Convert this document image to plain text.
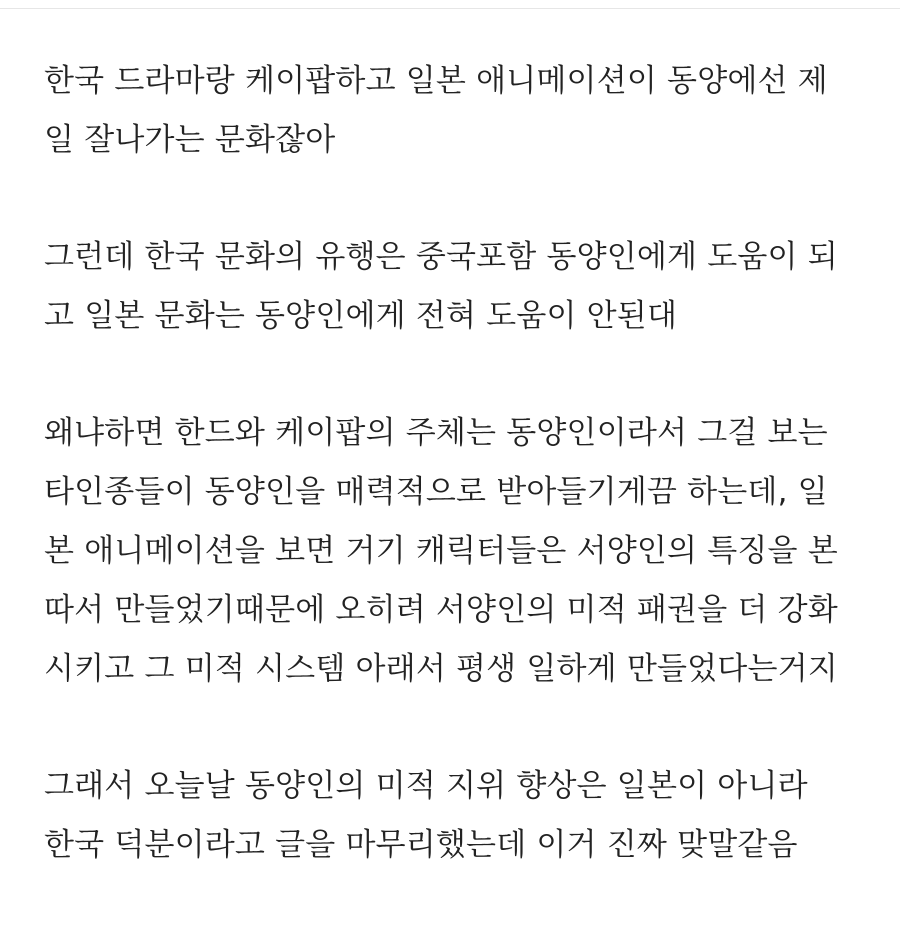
한국 드라마랑 케이팝하고 일본 애니메이션이 동양에선 제
일 잘나가는 문화잖아

그런데 한국 문화의 유행은 중국포함 동양인에게 도움이 되
고 일본 문화는 동양인에게 전혀 도움이 안된대

왜냐하면 한드와 케이팝의 주체는 동양인이라서 그걸 보는
타인종들이 동양인을 매력적으로 받아들기게끔 하는데, 일
본 애니메이션을 보면 거기 캐릭터들은 서양인의 특징을 본
따서 만들었기때문에 오히려 서양인의 미적 패권을 더 강화
시키고 그 미적 시스템 아래서 평생 일하게 만들었다는거지

그래서 오늘날 동양인의 미적 지위 향상은 일본이 아니라
한국 덕분이라고 글을 마무리했는데 이거 진짜 맞말같음
